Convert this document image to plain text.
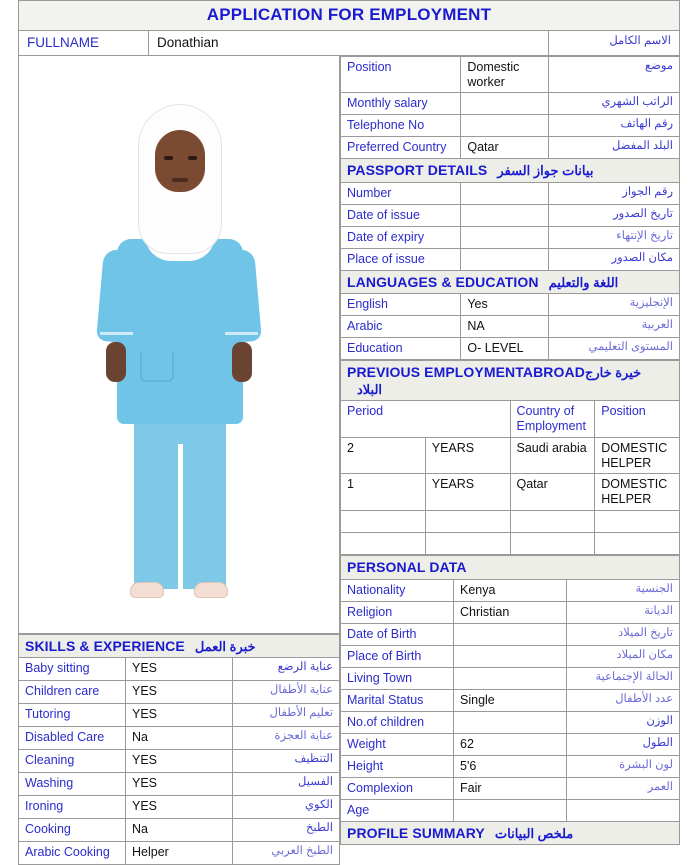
APPLICATION FOR EMPLOYMENT
FULLNAME	Donathian	الاسم الكامل
SKILLS & EXPERIENCE خبرة العمل		
Baby sitting	YES	عناية الرضع
Children care	YES	عناية الأطفال
Tutoring	YES	تعليم الأطفال
Disabled Care	Na	عناية العجزة
Cleaning	YES	التنظيف
Washing	YES	الفسيل
Ironing	YES	الكوي
Cooking	Na	الطبخ
Arabic Cooking	Helper	الطبخ العربي
Position	Domestic worker	موضع
Monthly salary		الراتب الشهري
Telephone No		رقم الهاتف
Preferred Country	Qatar	البلد المفضل
PASSPORT DETAILS بيانات جواز السفر		
Number		رقم الجواز
Date of issue		تاريخ الصدور
Date of expiry		تاريخ الإنتهاء
Place of issue		مكان الصدور
LANGUAGES & EDUCATION اللغة والتعليم		
English	Yes	الإنجليزية
Arabic	NA	العربية
Education	O- LEVEL	المستوى التعليمي
PREVIOUS EMPLOYMENTABROADخيرة خارج البلاد			
Period		Country of Employment	Position
2	YEARS	Saudi arabia	DOMESTIC HELPER
1	YEARS	Qatar	DOMESTIC HELPER

PERSONAL DATA		
Nationality	Kenya	الجنسية
Religion	Christian	الديانة
Date of Birth		تاريخ الميلاد
Place of Birth		مكان الميلاد
Living Town		الحالة الإجتماعية
Marital Status	Single	عدد الأطفال
No.of children		الوزن
Weight	62	الطول
Height	5'6	لون البشرة
Complexion	Fair	العمر
Age		
PROFILE SUMMARY ملخص البيانات		
